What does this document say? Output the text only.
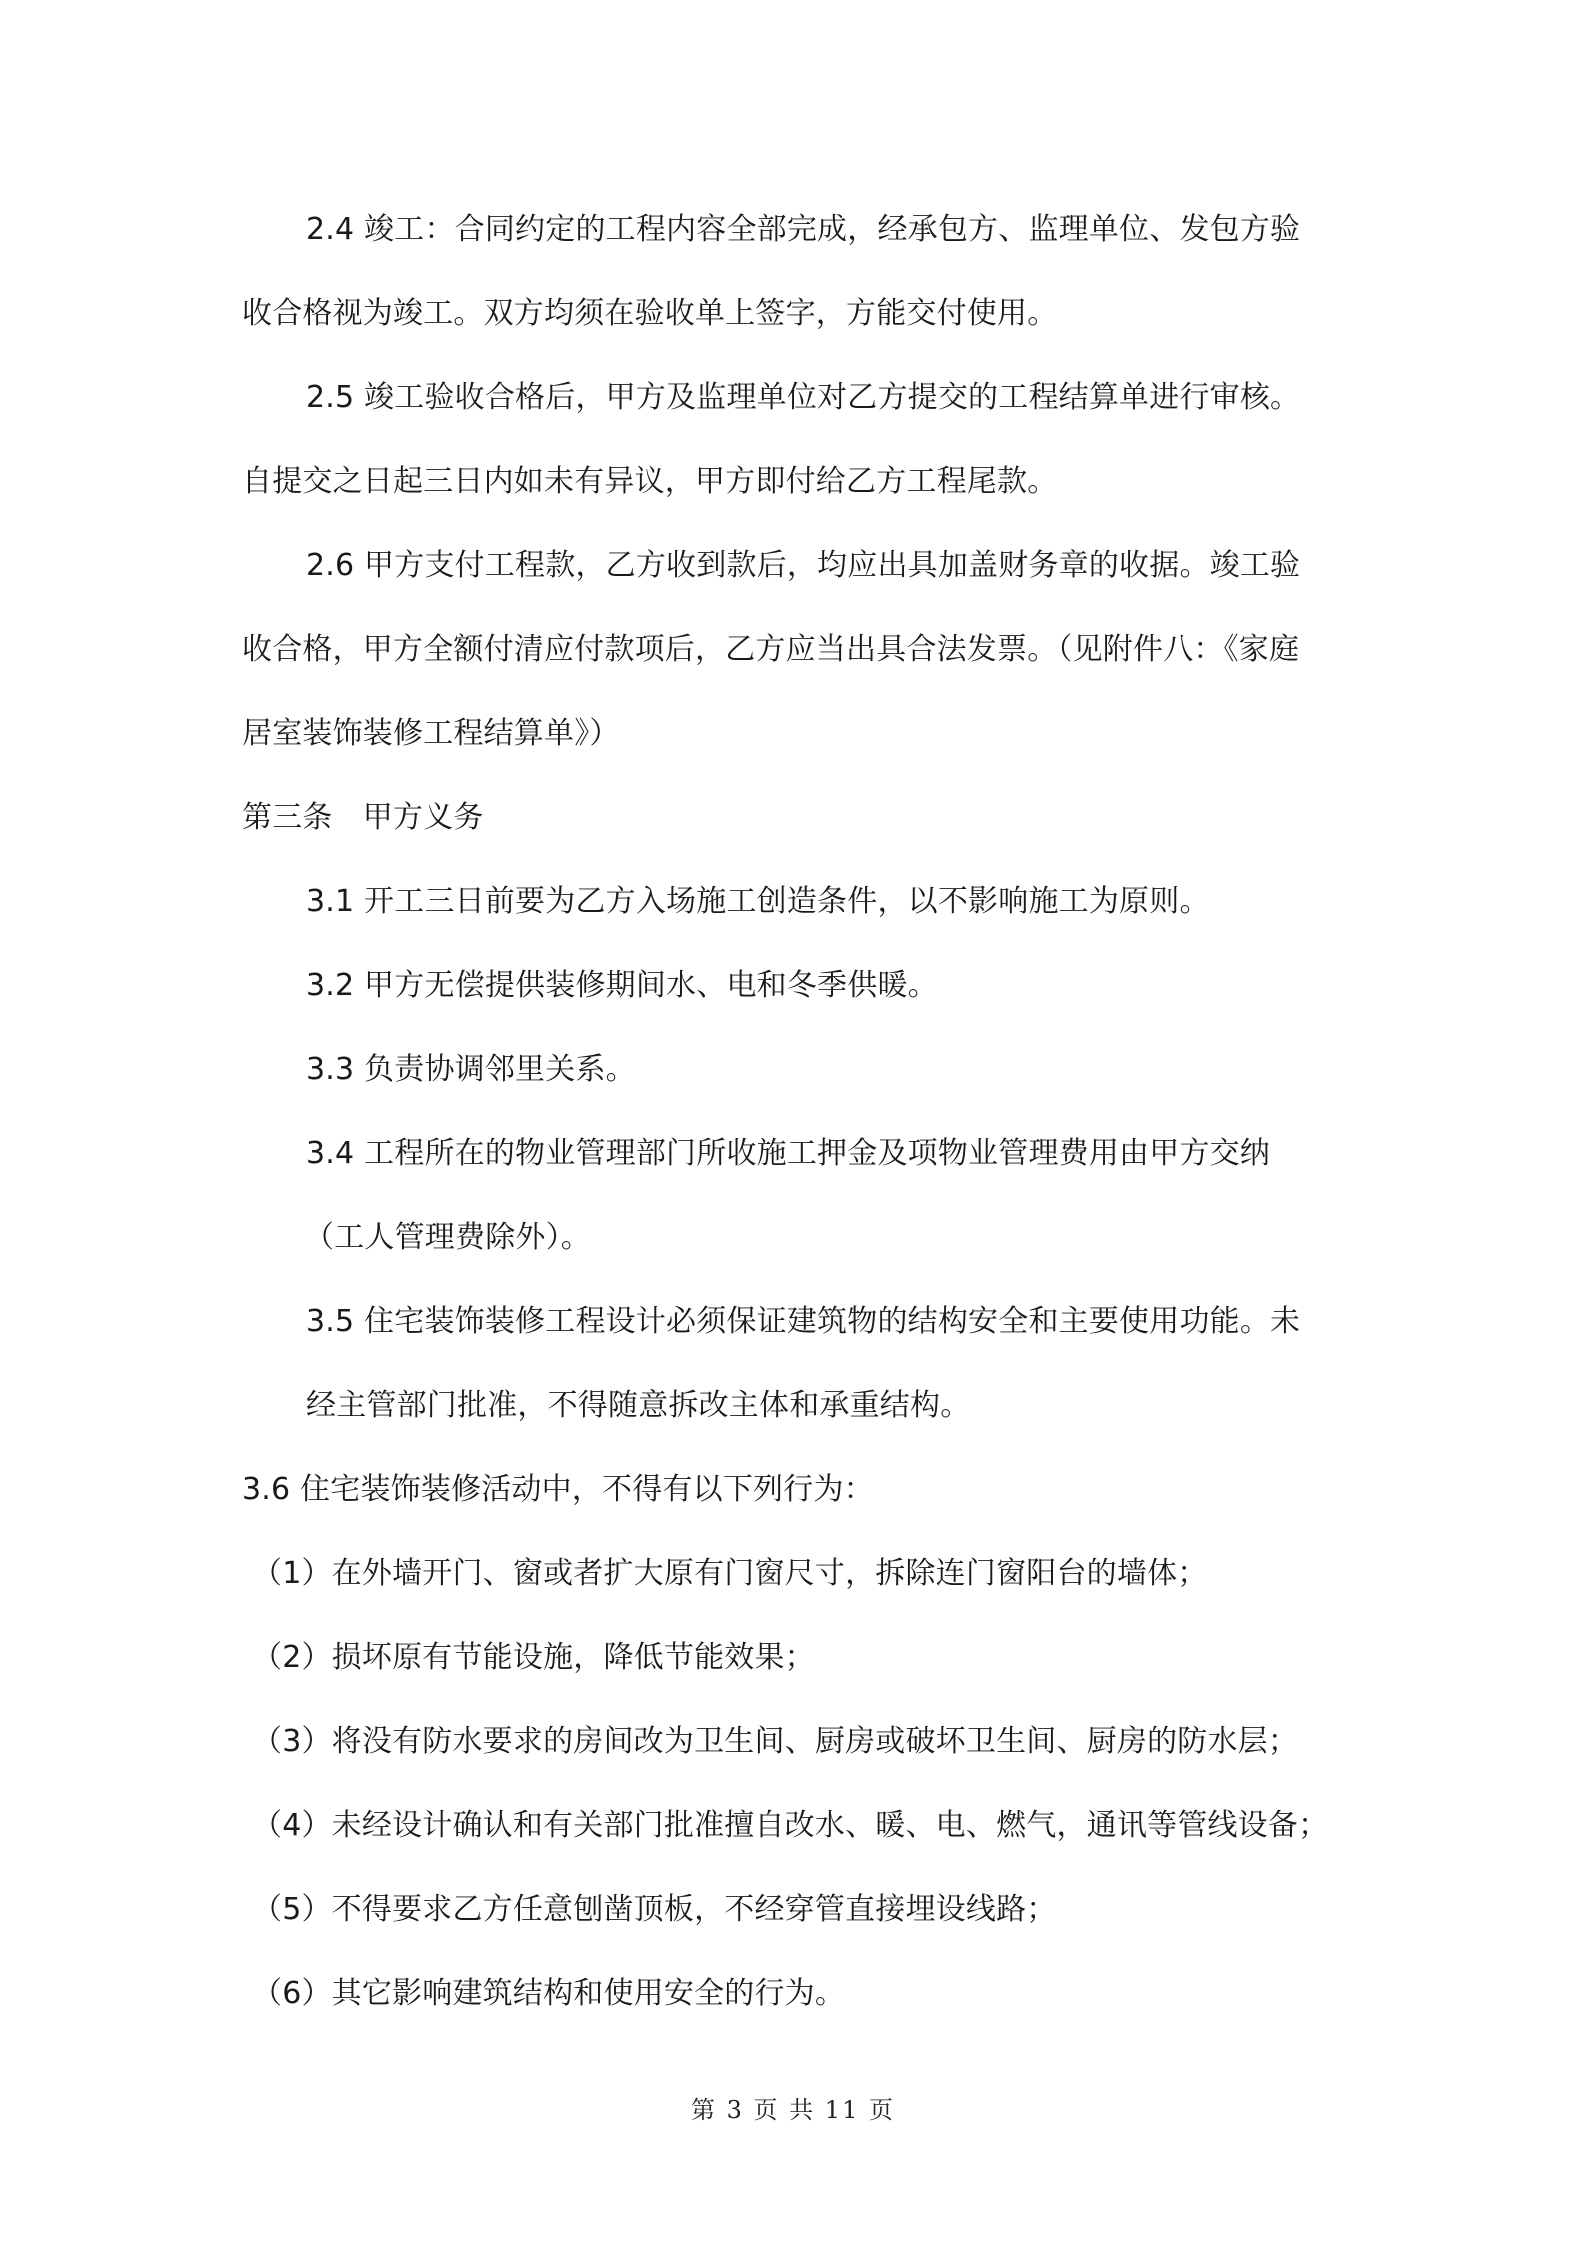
2.4 竣工：合同约定的工程内容全部完成，经承包方、监理单位、发包方验
收合格视为竣工。双方均须在验收单上签字，方能交付使用。
2.5 竣工验收合格后，甲方及监理单位对乙方提交的工程结算单进行审核。
自提交之日起三日内如未有异议，甲方即付给乙方工程尾款。
2.6 甲方支付工程款，乙方收到款后，均应出具加盖财务章的收据。竣工验
收合格，甲方全额付清应付款项后，乙方应当出具合法发票。（见附件八：《家庭
居室装饰装修工程结算单》）
第三条　甲方义务
3.1 开工三日前要为乙方入场施工创造条件，以不影响施工为原则。
3.2 甲方无偿提供装修期间水、电和冬季供暖。
3.3 负责协调邻里关系。
3.4 工程所在的物业管理部门所收施工押金及项物业管理费用由甲方交纳
（工人管理费除外）。
3.5 住宅装饰装修工程设计必须保证建筑物的结构安全和主要使用功能。未
经主管部门批准，不得随意拆改主体和承重结构。
3.6 住宅装饰装修活动中，不得有以下列行为：
（1）在外墙开门、窗或者扩大原有门窗尺寸，拆除连门窗阳台的墙体；
（2）损坏原有节能设施，降低节能效果；
（3）将没有防水要求的房间改为卫生间、厨房或破坏卫生间、厨房的防水层；
（4）未经设计确认和有关部门批准擅自改水、暖、电、燃气，通讯等管线设备；
（5）不得要求乙方任意刨凿顶板，不经穿管直接埋设线路；
（6）其它影响建筑结构和使用安全的行为。
第 3 页 共 11 页
